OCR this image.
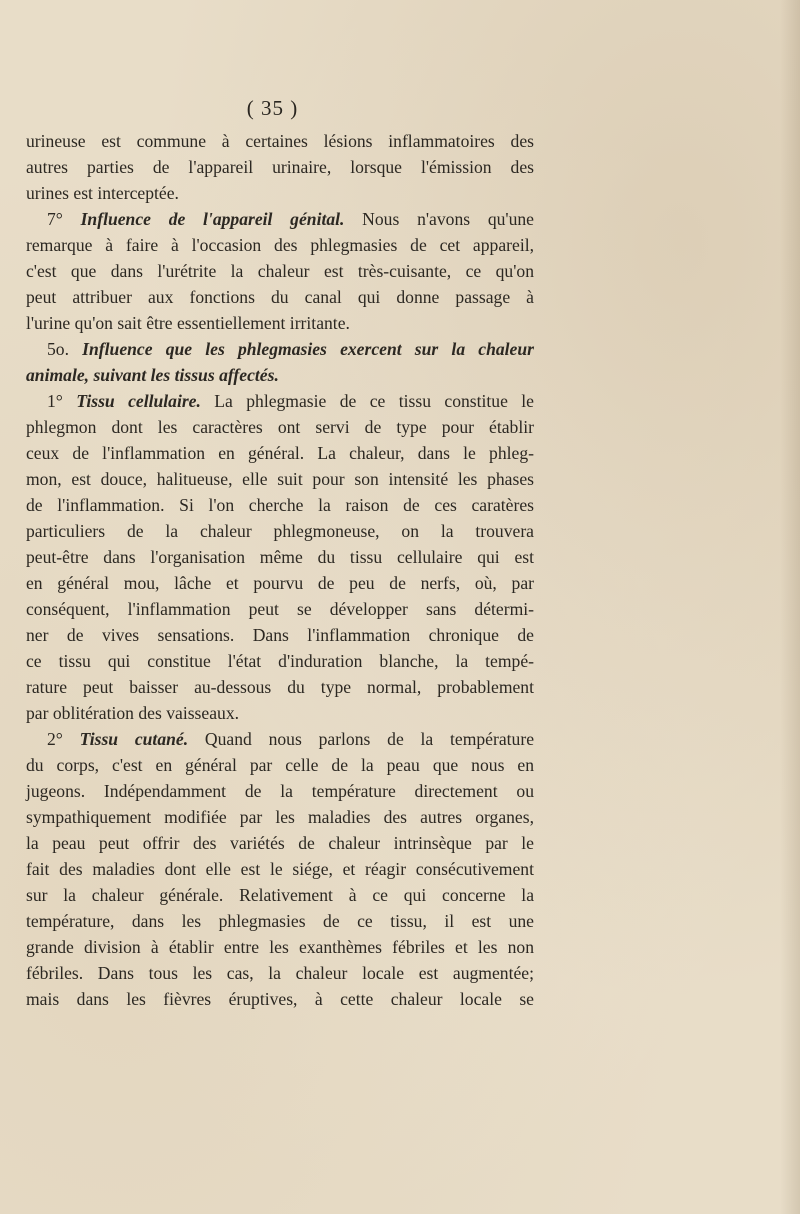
( 35 )
urineuse est commune à certaines lésions inflammatoires des
autres parties de l'appareil urinaire, lorsque l'émission des
urines est interceptée.
7° Influence de l'appareil génital. Nous n'avons qu'une
remarque à faire à l'occasion des phlegmasies de cet appareil,
c'est que dans l'urétrite la chaleur est très-cuisante, ce qu'on
peut attribuer aux fonctions du canal qui donne passage à
l'urine qu'on sait être essentiellement irritante.
5o. Influence que les phlegmasies exercent sur la chaleur
animale, suivant les tissus affectés.
1° Tissu cellulaire. La phlegmasie de ce tissu constitue le
phlegmon dont les caractères ont servi de type pour établir
ceux de l'inflammation en général. La chaleur, dans le phleg-
mon, est douce, halitueuse, elle suit pour son intensité les phases
de l'inflammation. Si l'on cherche la raison de ces caratères
particuliers de la chaleur phlegmoneuse, on la trouvera
peut-être dans l'organisation même du tissu cellulaire qui est
en général mou, lâche et pourvu de peu de nerfs, où, par
conséquent, l'inflammation peut se développer sans détermi-
ner de vives sensations. Dans l'inflammation chronique de
ce tissu qui constitue l'état d'induration blanche, la tempé-
rature peut baisser au-dessous du type normal, probablement
par oblitération des vaisseaux.
2° Tissu cutané. Quand nous parlons de la température
du corps, c'est en général par celle de la peau que nous en
jugeons. Indépendamment de la température directement ou
sympathiquement modifiée par les maladies des autres organes,
la peau peut offrir des variétés de chaleur intrinsèque par le
fait des maladies dont elle est le siége, et réagir consécutivement
sur la chaleur générale. Relativement à ce qui concerne la
température, dans les phlegmasies de ce tissu, il est une
grande division à établir entre les exanthèmes fébriles et les non
fébriles. Dans tous les cas, la chaleur locale est augmentée;
mais dans les fièvres éruptives, à cette chaleur locale se
